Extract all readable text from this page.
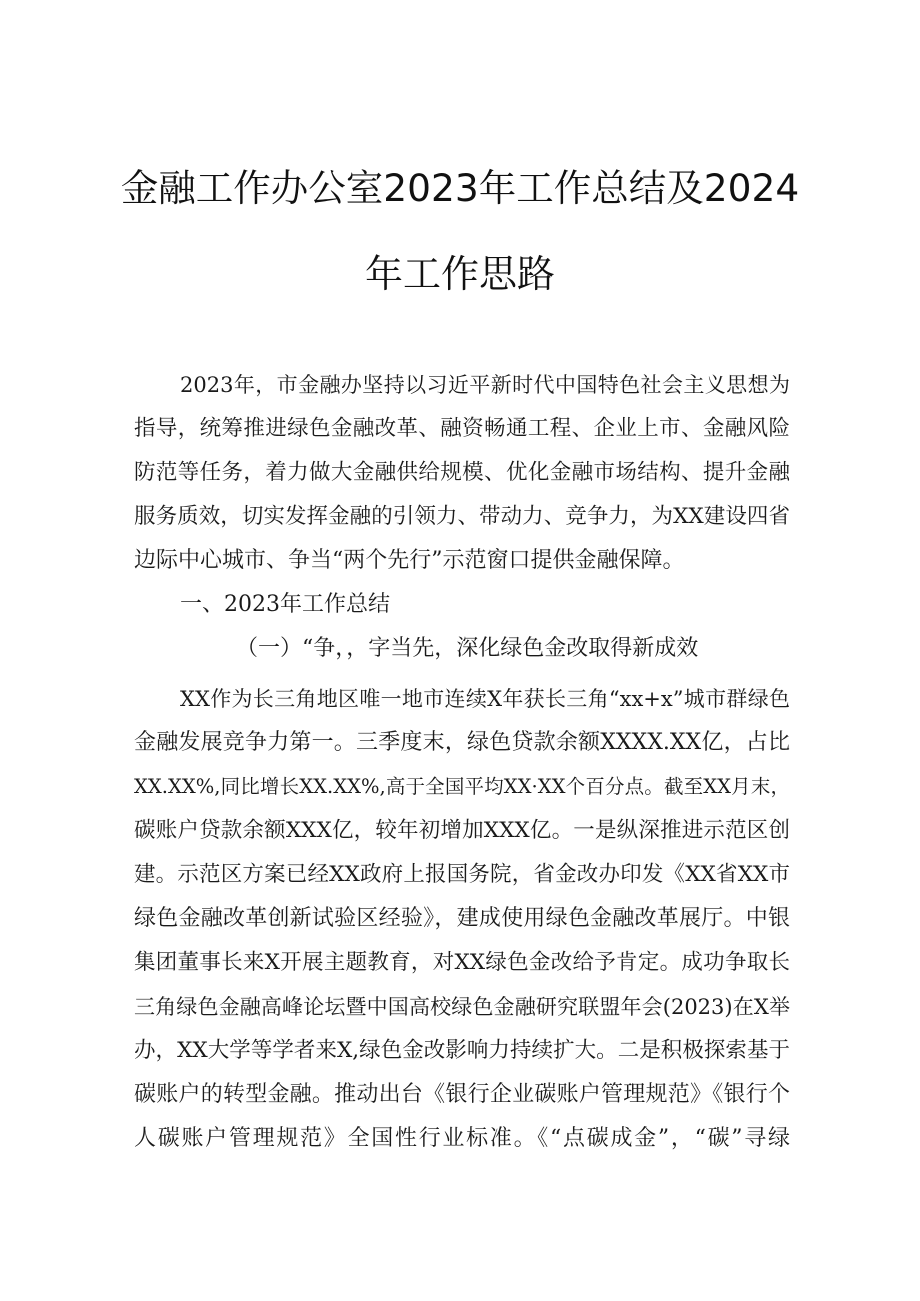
金融工作办公室2023年工作总结及2024
年工作思路
2023年，市金融办坚持以习近平新时代中国特色社会主义思想为
指导，统筹推进绿色金融改革、融资畅通工程、企业上市、金融风险
防范等任务，着力做大金融供给规模、优化金融市场结构、提升金融
服务质效，切实发挥金融的引领力、带动力、竞争力，为XX建设四省
边际中心城市、争当“两个先行”示范窗口提供金融保障。
一、2023年工作总结
（一）“争，，字当先，深化绿色金改取得新成效
XX作为长三角地区唯一地市连续X年获长三角“xx+x”城市群绿色
金融发展竞争力第一。三季度末，绿色贷款余额XXXX.XX亿，占比
XX.XX%,同比增长XX.XX%,高于全国平均XX·XX个百分点。截至XX月末，
碳账户贷款余额XXX亿，较年初增加XXX亿。一是纵深推进示范区创
建。示范区方案已经XX政府上报国务院，省金改办印发《XX省XX市
绿色金融改革创新试验区经验》，建成使用绿色金融改革展厅。中银
集团董事长来X开展主题教育，对XX绿色金改给予肯定。成功争取长
三角绿色金融高峰论坛暨中国高校绿色金融研究联盟年会(2023)在X举
办，XX大学等学者来X,绿色金改影响力持续扩大。二是积极探索基于
碳账户的转型金融。推动出台《银行企业碳账户管理规范》《银行个
人碳账户管理规范》全国性行业标准。《“点碳成金”，“碳”寻绿
